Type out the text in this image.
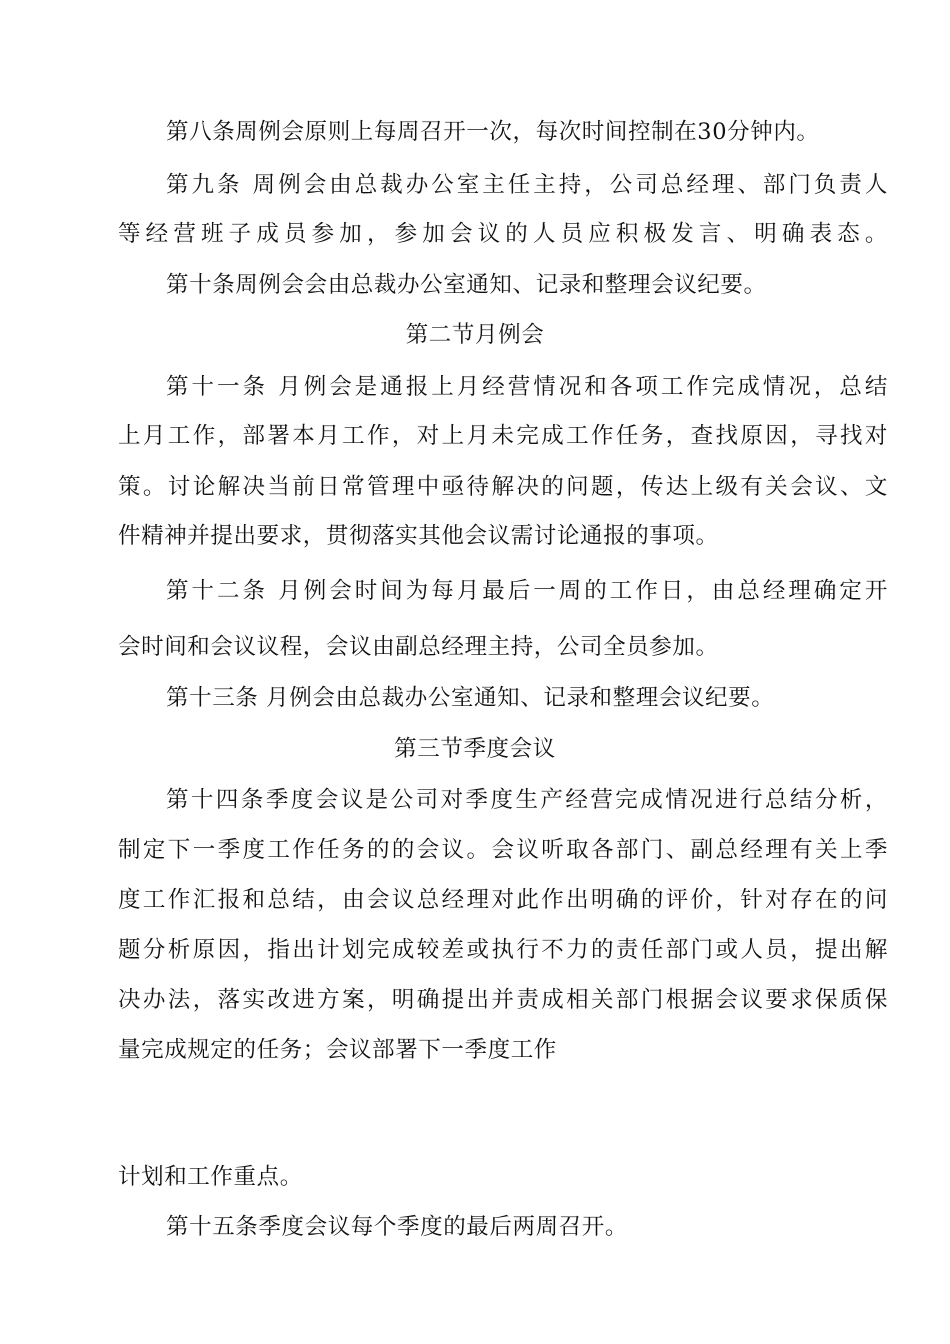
第八条周例会原则上每周召开一次，每次时间控制在30分钟内。
第九条 周例会由总裁办公室主任主持，公司总经理、部门负责人
等经营班子成员参加，参加会议的人员应积极发言、明确表态。
第十条周例会会由总裁办公室通知、记录和整理会议纪要。
第二节月例会
第十一条 月例会是通报上月经营情况和各项工作完成情况，总结
上月工作，部署本月工作，对上月未完成工作任务，查找原因，寻找对
策。讨论解决当前日常管理中亟待解决的问题，传达上级有关会议、文
件精神并提出要求，贯彻落实其他会议需讨论通报的事项。
第十二条 月例会时间为每月最后一周的工作日，由总经理确定开
会时间和会议议程，会议由副总经理主持，公司全员参加。
第十三条 月例会由总裁办公室通知、记录和整理会议纪要。
第三节季度会议
第十四条季度会议是公司对季度生产经营完成情况进行总结分析，
制定下一季度工作任务的的会议。会议听取各部门、副总经理有关上季
度工作汇报和总结，由会议总经理对此作出明确的评价，针对存在的问
题分析原因，指出计划完成较差或执行不力的责任部门或人员，提出解
决办法，落实改进方案，明确提出并责成相关部门根据会议要求保质保
量完成规定的任务；会议部署下一季度工作
计划和工作重点。
第十五条季度会议每个季度的最后两周召开。
